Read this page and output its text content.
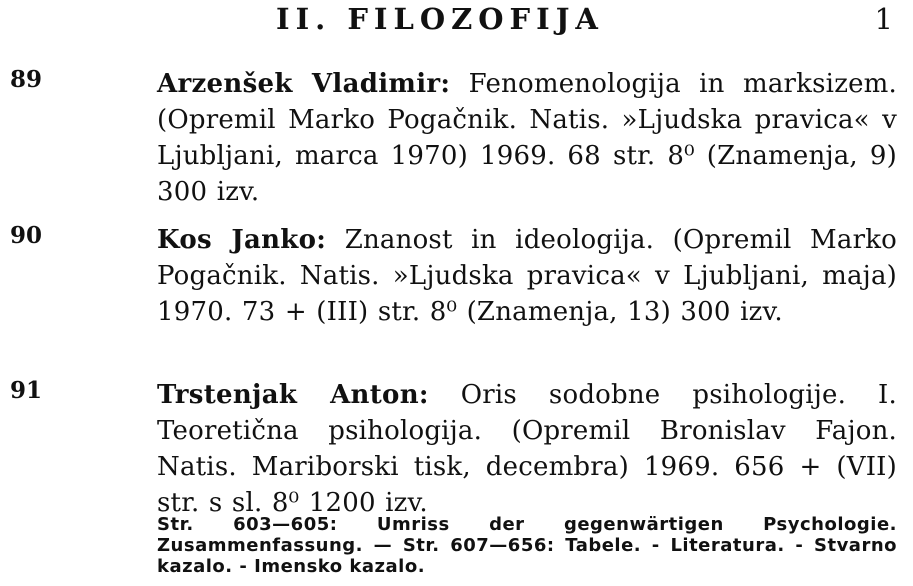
II. FILOZOFIJA	1
89	Arzenšek Vladimir: Fenomenologija in marksizem. (Opremil Marko Pogačnik. Natis. »Ljudska pravica« v Ljubljani, marca 1970) 1969. 68 str. 8⁰ (Znamenja, 9) 300 izv.
90	Kos Janko: Znanost in ideologija. (Opremil Marko Pogačnik. Natis. »Ljudska pravica« v Ljubljani, maja) 1970. 73 + (III) str. 8⁰ (Znamenja, 13) 300 izv.
91	Trstenjak Anton: Oris sodobne psihologije. I. Teoretična psihologija. (Opremil Bronislav Fajon. Natis. Mariborski tisk, decembra) 1969. 656 + (VII) str. s sl. 8⁰ 1200 izv.
Str. 603—605: Umriss der gegenwärtigen Psychologie. Zusammenfassung. — Str. 607—656: Tabele. - Literatura. - Stvarno kazalo. - Imensko kazalo.
